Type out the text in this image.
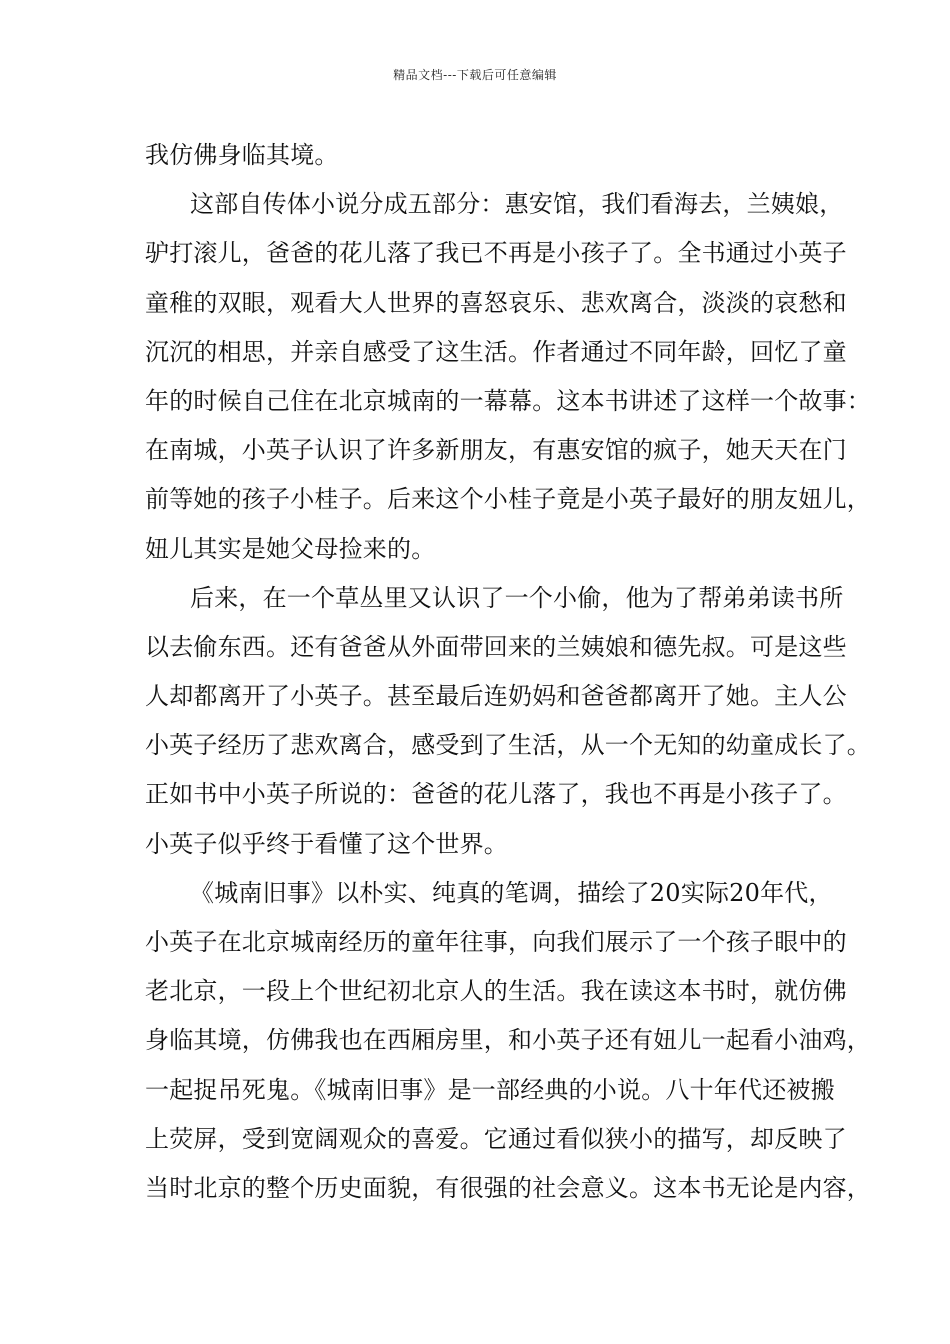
精品文档---下载后可任意编辑
我仿佛身临其境。
这部自传体小说分成五部分：惠安馆，我们看海去，兰姨娘，
驴打滚儿，爸爸的花儿落了我已不再是小孩子了。全书通过小英子
童稚的双眼，观看大人世界的喜怒哀乐、悲欢离合，淡淡的哀愁和
沉沉的相思，并亲自感受了这生活。作者通过不同年龄，回忆了童
年的时候自己住在北京城南的一幕幕。这本书讲述了这样一个故事：
在南城，小英子认识了许多新朋友，有惠安馆的疯子，她天天在门
前等她的孩子小桂子。后来这个小桂子竟是小英子最好的朋友妞儿，
妞儿其实是她父母捡来的。
后来，在一个草丛里又认识了一个小偷，他为了帮弟弟读书所
以去偷东西。还有爸爸从外面带回来的兰姨娘和德先叔。可是这些
人却都离开了小英子。甚至最后连奶妈和爸爸都离开了她。主人公
小英子经历了悲欢离合，感受到了生活，从一个无知的幼童成长了。
正如书中小英子所说的：爸爸的花儿落了，我也不再是小孩子了。
小英子似乎终于看懂了这个世界。
《城南旧事》以朴实、纯真的笔调，描绘了20实际20年代，
小英子在北京城南经历的童年往事，向我们展示了一个孩子眼中的
老北京，一段上个世纪初北京人的生活。我在读这本书时，就仿佛
身临其境，仿佛我也在西厢房里，和小英子还有妞儿一起看小油鸡，
一起捉吊死鬼。《城南旧事》是一部经典的小说。八十年代还被搬
上荧屏，受到宽阔观众的喜爱。它通过看似狭小的描写，却反映了
当时北京的整个历史面貌，有很强的社会意义。这本书无论是内容，
